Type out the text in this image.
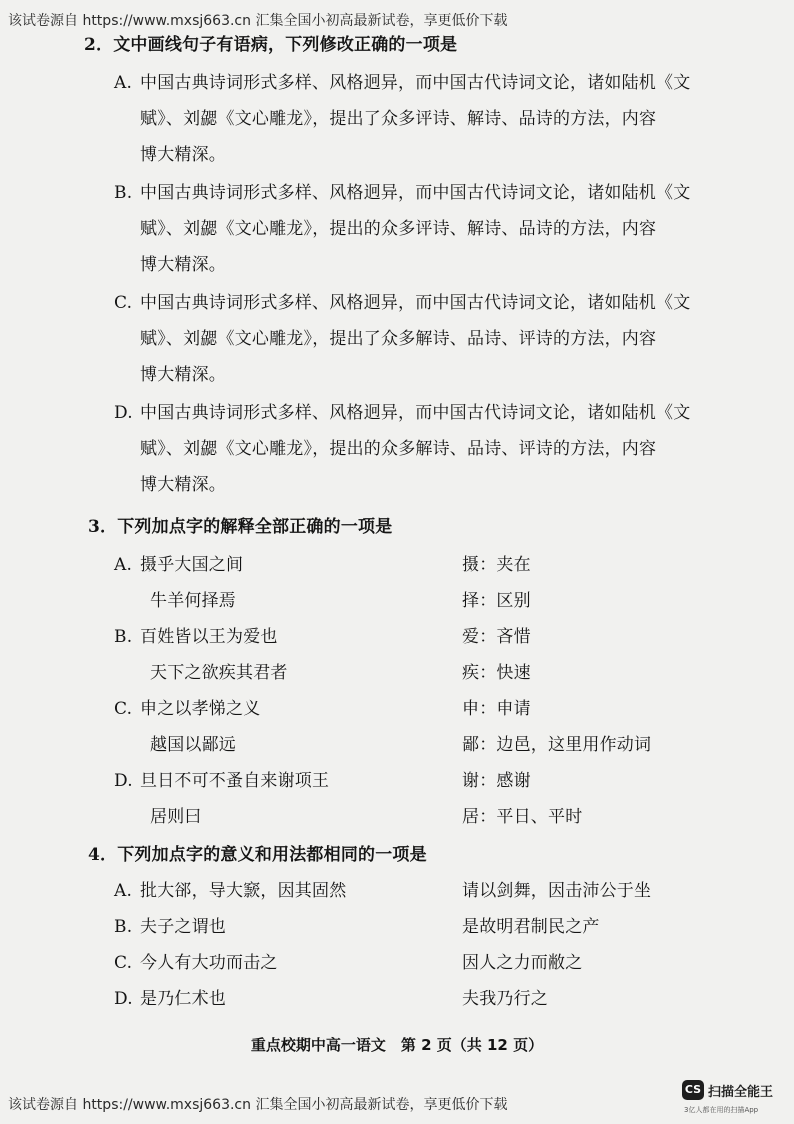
该试卷源自 https://www.mxsj663.cn 汇集全国小初高最新试卷，享更低价下载
2．文中画线句子有语病，下列修改正确的一项是
A. 中国古典诗词形式多样、风格迥异，而中国古代诗词文论，诸如陆机《文
赋》、刘勰《文心雕龙》，提出了众多评诗、解诗、品诗的方法，内容
博大精深。
B. 中国古典诗词形式多样、风格迥异，而中国古代诗词文论，诸如陆机《文
赋》、刘勰《文心雕龙》，提出的众多评诗、解诗、品诗的方法，内容
博大精深。
C. 中国古典诗词形式多样、风格迥异，而中国古代诗词文论，诸如陆机《文
赋》、刘勰《文心雕龙》，提出了众多解诗、品诗、评诗的方法，内容
博大精深。
D. 中国古典诗词形式多样、风格迥异，而中国古代诗词文论，诸如陆机《文
赋》、刘勰《文心雕龙》，提出的众多解诗、品诗、评诗的方法，内容
博大精深。
3．下列加点字的解释全部正确的一项是
A. 摄乎大国之间	摄：夹在
牛羊何择焉	择：区别
B. 百姓皆以王为爱也	爱：吝惜
天下之欲疾其君者	疾：快速
C. 申之以孝悌之义	申：申请
越国以鄙远	鄙：边邑，这里用作动词
D. 旦日不可不蚤自来谢项王	谢：感谢
居则曰	居：平日、平时
4．下列加点字的意义和用法都相同的一项是
A. 批大郤，导大窾，因其固然	请以剑舞，因击沛公于坐
B. 夫子之谓也	是故明君制民之产
C. 今人有大功而击之	因人之力而敝之
D. 是乃仁术也	夫我乃行之
重点校期中高一语文　第 2 页（共 12 页）
该试卷源自 https://www.mxsj663.cn 汇集全国小初高最新试卷，享更低价下载
CS 扫描全能王
3亿人都在用的扫描App
